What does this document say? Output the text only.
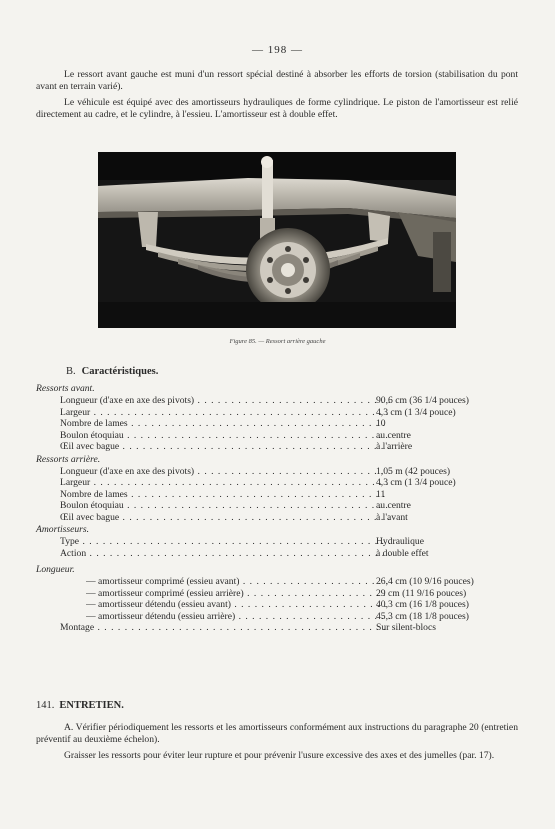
— 198 —

Le ressort avant gauche est muni d'un ressort spécial destiné à absorber les efforts de torsion (stabilisation du pont avant en terrain varié).

Le véhicule est équipé avec des amortisseurs hydrauliques de forme cylindrique. Le piston de l'amortisseur est relié directement au cadre, et le cylindre, à l'essieu. L'amortisseur est à double effet.

Figure 85. — Ressort arrière gauche
B. Caractéristiques.
Ressorts avant.
Longueur (d'axe en axe des pivots) . . .	90,6 cm (36 1/4 pouces)
Largeur . . .	4,3 cm (1 3/4 pouce)
Nombre de lames . . .	10
Boulon étoquiau . . .	au centre
Œil avec bague . . .	à l'arrière
Ressorts arrière.
Longueur (d'axe en axe des pivots) . . .	1,05 m (42 pouces)
Largeur . . .	4,3 cm (1 3/4 pouce)
Nombre de lames . . .	11
Boulon étoquiau . . .	au centre
Œil avec bague . . .	à l'avant
Amortisseurs.
Type . . .	Hydraulique
Action . . .	à double effet
Longueur.
— amortisseur comprimé (essieu avant) . . .	26,4 cm (10 9/16 pouces)
— amortisseur comprimé (essieu arrière) . . .	29 cm (11 9/16 pouces)
— amortisseur détendu (essieu avant) . . .	40,3 cm (16 1/8 pouces)
— amortisseur détendu (essieu arrière) . . .	45,3 cm (18 1/8 pouces)
Montage . . .	Sur silent-blocs
141. ENTRETIEN.

A. Vérifier périodiquement les ressorts et les amortisseurs conformément aux instructions du paragraphe 20 (entretien préventif au deuxième échelon).

Graisser les ressorts pour éviter leur rupture et pour prévenir l'usure excessive des axes et des jumelles (par. 17).
